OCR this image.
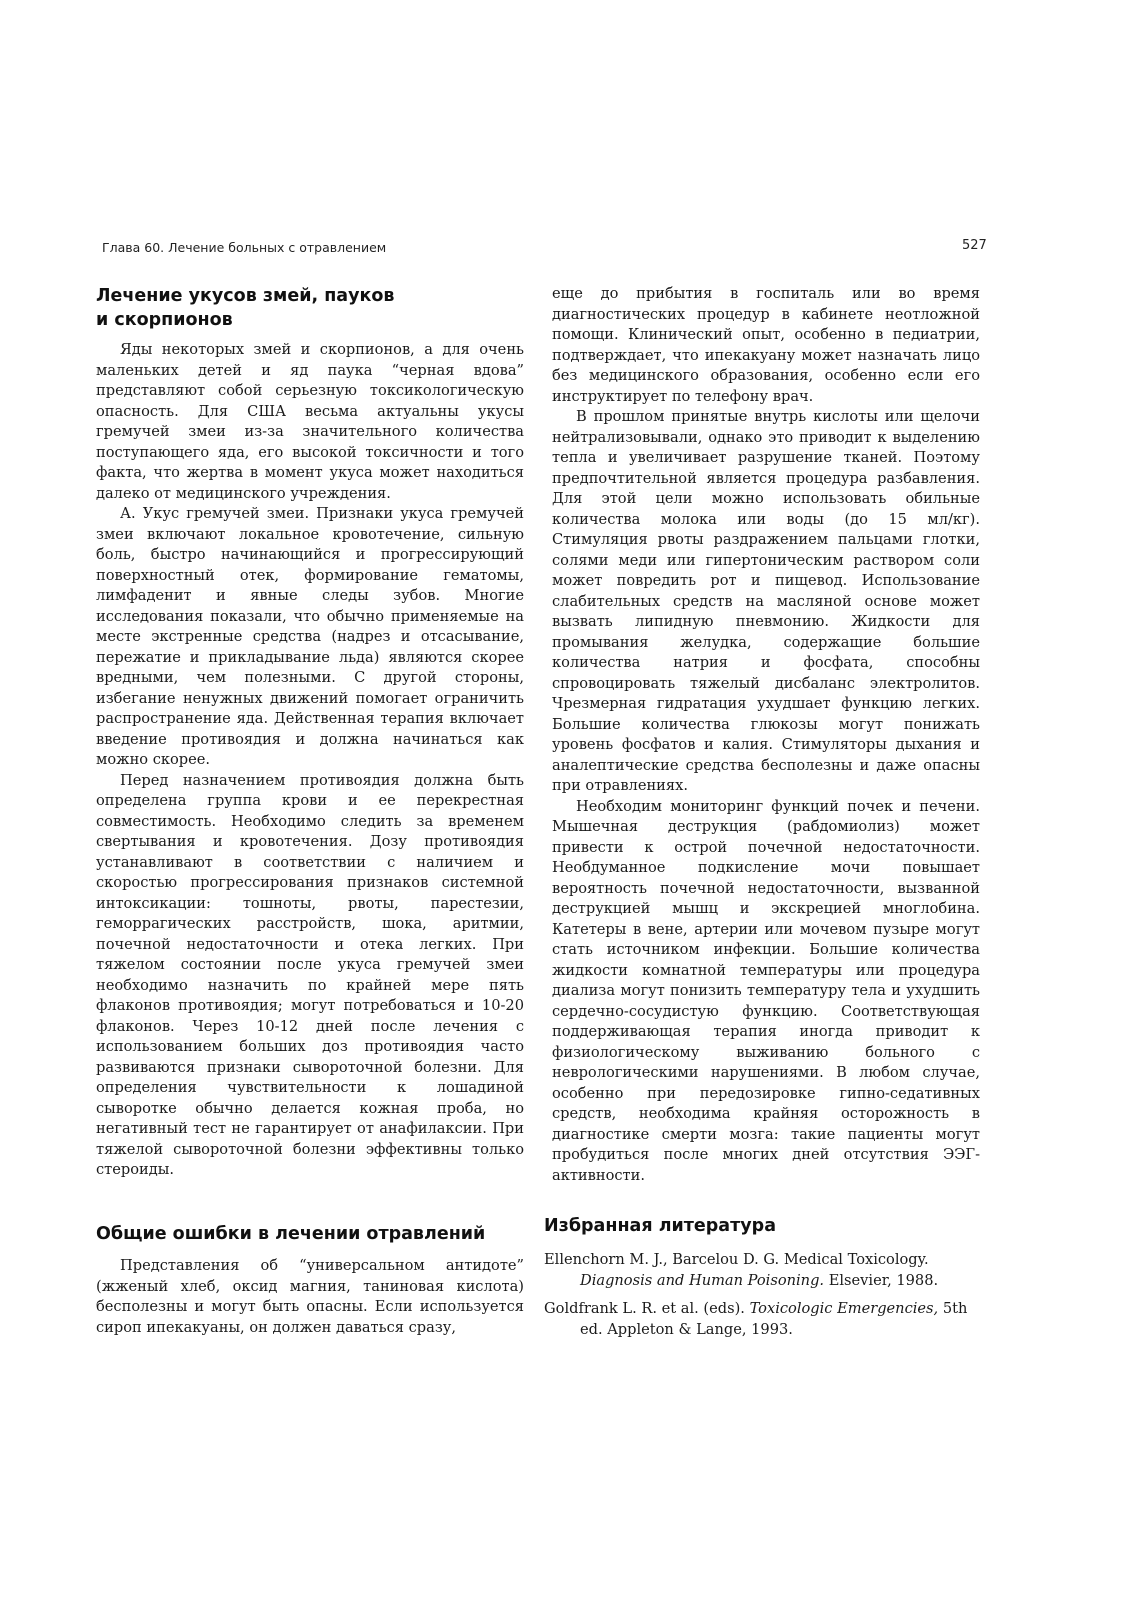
Глава 60. Лечение больных с отравлением	527
Лечение укусов змей, пауков
и скорпионов

Яды некоторых змей и скорпионов, а для очень маленьких детей и яд паука “черная вдова” представляют собой серьезную токсикологическую опасность. Для США весьма актуальны укусы гремучей змеи из-за значительного количества поступающего яда, его высокой токсичности и того факта, что жертва в момент укуса может находиться далеко от медицинского учреждения.

А. Укус гремучей змеи. Признаки укуса гремучей змеи включают локальное кровотечение, сильную боль, быстро начинающийся и прогрессирующий поверхностный отек, формирование гематомы, лимфаденит и явные следы зубов. Многие исследования показали, что обычно применяемые на месте экстренные средства (надрез и отсасывание, пережатие и прикладывание льда) являются скорее вредными, чем полезными. С другой стороны, избегание ненужных движений помогает ограничить распространение яда. Действенная терапия включает введение противоядия и должна начинаться как можно скорее.

Перед назначением противоядия должна быть определена группа крови и ее перекрестная совместимость. Необходимо следить за временем свертывания и кровотечения. Дозу противоядия устанавливают в соответствии с наличием и скоростью прогрессирования признаков системной интоксикации: тошноты, рвоты, парестезии, геморрагических расстройств, шока, аритмии, почечной недостаточности и отека легких. При тяжелом состоянии после укуса гремучей змеи необходимо назначить по крайней мере пять флаконов противоядия; могут потребоваться и 10-20 флаконов. Через 10-12 дней после лечения с использованием больших доз противоядия часто развиваются признаки сывороточной болезни. Для определения чувствительности к лошадиной сыворотке обычно делается кожная проба, но негативный тест не гарантирует от анафилаксии. При тяжелой сывороточной болезни эффективны только стероиды.

Общие ошибки в лечении отравлений

Представления об “универсальном антидоте” (жженый хлеб, оксид магния, таниновая кислота) бесполезны и могут быть опасны. Если используется сироп ипекакуаны, он должен даваться сразу,

еще до прибытия в госпиталь или во время диагностических процедур в кабинете неотложной помощи. Клинический опыт, особенно в педиатрии, подтверждает, что ипекакуану может назначать лицо без медицинского образования, особенно если его инструктирует по телефону врач.

В прошлом принятые внутрь кислоты или щелочи нейтрализовывали, однако это приводит к выделению тепла и увеличивает разрушение тканей. Поэтому предпочтительной является процедура разбавления. Для этой цели можно использовать обильные количества молока или воды (до 15 мл/кг). Стимуляция рвоты раздражением пальцами глотки, солями меди или гипертоническим раствором соли может повредить рот и пищевод. Использование слабительных средств на масляной основе может вызвать липидную пневмонию. Жидкости для промывания желудка, содержащие большие количества натрия и фосфата, способны спровоцировать тяжелый дисбаланс электролитов. Чрезмерная гидратация ухудшает функцию легких. Большие количества глюкозы могут понижать уровень фосфатов и калия. Стимуляторы дыхания и аналептические средства бесполезны и даже опасны при отравлениях.

Необходим мониторинг функций почек и печени. Мышечная деструкция (рабдомиолиз) может привести к острой почечной недостаточности. Необдуманное подкисление мочи повышает вероятность почечной недостаточности, вызванной деструкцией мышц и экскрецией многлобина. Катетеры в вене, артерии или мочевом пузыре могут стать источником инфекции. Большие количества жидкости комнатной температуры или процедура диализа могут понизить температуру тела и ухудшить сердечно-сосудистую функцию. Соответствующая поддерживающая терапия иногда приводит к физиологическому выживанию больного с неврологическими нарушениями. В любом случае, особенно при передозировке гипно-седативных средств, необходима крайняя осторожность в диагностике смерти мозга: такие пациенты могут пробудиться после многих дней отсутствия ЭЭГ-активности.

Избранная литература

Ellenchorn M. J., Barcelou D. G. Medical Toxicology. Diagnosis and Human Poisoning. Elsevier, 1988.

Goldfrank L. R. et al. (eds). Toxicologic Emergencies, 5th ed. Appleton & Lange, 1993.
